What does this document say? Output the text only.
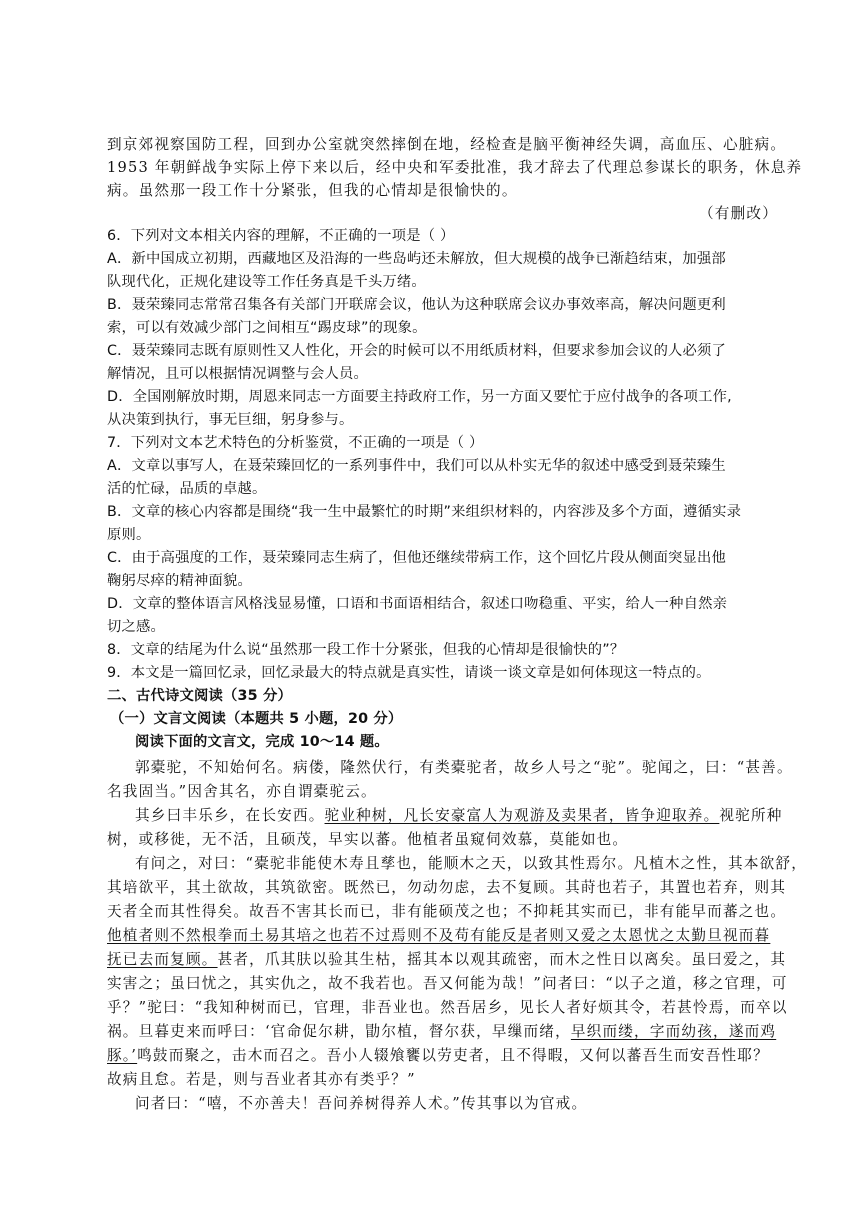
到京郊视察国防工程，回到办公室就突然摔倒在地，经检查是脑平衡神经失调，高血压、心脏病。
1953 年朝鲜战争实际上停下来以后，经中央和军委批准，我才辞去了代理总参谋长的职务，休息养
病。虽然那一段工作十分紧张，但我的心情却是很愉快的。
（有删改）
6．下列对文本相关内容的理解，不正确的一项是（ ）
A．新中国成立初期，西藏地区及沿海的一些岛屿还未解放，但大规模的战争已渐趋结束，加强部
队现代化，正规化建设等工作任务真是千头万绪。
B．聂荣臻同志常常召集各有关部门开联席会议，他认为这种联席会议办事效率高，解决问题更利
索，可以有效减少部门之间相互“踢皮球”的现象。
C．聂荣臻同志既有原则性又人性化，开会的时候可以不用纸质材料，但要求参加会议的人必须了
解情况，且可以根据情况调整与会人员。
D．全国刚解放时期，周恩来同志一方面要主持政府工作，另一方面又要忙于应付战争的各项工作,
从决策到执行，事无巨细，躬身参与。
7．下列对文本艺术特色的分析鉴赏，不正确的一项是（ ）
A．文章以事写人，在聂荣臻回忆的一系列事件中，我们可以从朴实无华的叙述中感受到聂荣臻生
活的忙碌，品质的卓越。
B．文章的核心内容都是围绕“我一生中最繁忙的时期”来组织材料的，内容涉及多个方面，遵循实录
原则。
C．由于高强度的工作，聂荣臻同志生病了，但他还继续带病工作，这个回忆片段从侧面突显出他
鞠躬尽瘁的精神面貌。
D．文章的整体语言风格浅显易懂，口语和书面语相结合，叙述口吻稳重、平实，给人一种自然亲
切之感。
8．文章的结尾为什么说“虽然那一段工作十分紧张，但我的心情却是很愉快的”？
9．本文是一篇回忆录，回忆录最大的特点就是真实性，请谈一谈文章是如何体现这一特点的。
二、古代诗文阅读（35 分）
（一）文言文阅读（本题共 5 小题，20 分）
阅读下面的文言文，完成 10～14 题。
郭橐驼，不知始何名。病偻，隆然伏行，有类橐驼者，故乡人号之“驼”。驼闻之，曰：“甚善。
名我固当。”因舍其名，亦自谓橐驼云。
其乡曰丰乐乡，在长安西。驼业种树，凡长安豪富人为观游及卖果者，皆争迎取养。视驼所种
树，或移徙，无不活，且硕茂，早实以蕃。他植者虽窥伺效慕，莫能如也。
有问之，对曰：“橐驼非能使木寿且孳也，能顺木之天，以致其性焉尔。凡植木之性，其本欲舒，
其培欲平，其土欲故，其筑欲密。既然已，勿动勿虑，去不复顾。其莳也若子，其置也若弃，则其
天者全而其性得矣。故吾不害其长而已，非有能硕茂之也；不抑耗其实而已，非有能早而蕃之也。
他植者则不然根拳而土易其培之也若不过焉则不及苟有能反是者则又爱之太恩忧之太勤旦视而暮
抚已去而复顾。甚者，爪其肤以验其生枯，摇其本以观其疏密，而木之性日以离矣。虽曰爱之，其
实害之；虽曰忧之，其实仇之，故不我若也。吾又何能为哉！”问者曰：“以子之道，移之官理，可
乎？”驼曰：“我知种树而已，官理，非吾业也。然吾居乡，见长人者好烦其令，若甚怜焉，而卒以
祸。旦暮吏来而呼曰：‘官命促尔耕，勖尔植，督尔获，早缫而绪，早织而缕，字而幼孩，遂而鸡
豚。’鸣鼓而聚之，击木而召之。吾小人辍飧饔以劳吏者，且不得暇，又何以蕃吾生而安吾性耶？
故病且怠。若是，则与吾业者其亦有类乎？”
问者曰：“嘻，不亦善夫！吾问养树得养人术。”传其事以为官戒。
